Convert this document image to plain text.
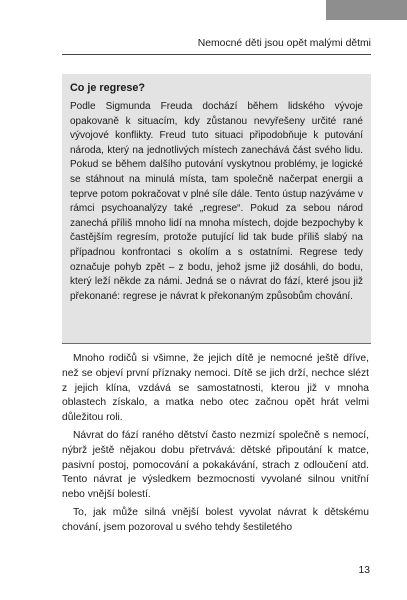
Nemocné děti jsou opět malými dětmi
Co je regrese?

Podle Sigmunda Freuda dochází během lidského vývoje opakovaně k situacím, kdy zůstanou nevyřešeny určité rané vývojové konflikty. Freud tuto situaci připodobňuje k putování národa, který na jednotlivých místech zanechává část svého lidu. Pokud se během dalšího putování vyskytnou problémy, je logické se stáhnout na minulá místa, tam společně načerpat energii a teprve potom pokračovat v plné síle dále. Tento ústup nazýváme v rámci psychoanalýzy také „regrese“. Pokud za sebou národ zanechá příliš mnoho lidí na mnoha místech, dojde bezpochyby k častějším regresím, protože putující lid tak bude příliš slabý na případnou konfrontaci s okolím a s ostatními. Regrese tedy označuje pohyb zpět – z bodu, jehož jsme již dosáhli, do bodu, který leží někde za námi. Jedná se o návrat do fází, které jsou již překonané: regrese je návrat k překonaným způsobům chování.

Mnoho rodičů si všimne, že jejich dítě je nemocné ještě dříve, než se objeví první příznaky nemoci. Dítě se jich drží, nechce slézt z jejich klína, vzdává se samostatnosti, kterou již v mnoha oblastech získalo, a matka nebo otec začnou opět hrát velmi důležitou roli.

Návrat do fází raného dětství často nezmizí společně s nemocí, nýbrž ještě nějakou dobu přetrvává: dětské připoutání k matce, pasivní postoj, pomocování a pokakávání, strach z odloučení atd. Tento návrat je výsledkem bezmocnosti vyvolané silnou vnitřní nebo vnější bolestí.

To, jak může silná vnější bolest vyvolat návrat k dětskému chování, jsem pozoroval u svého tehdy šestiletého

13
